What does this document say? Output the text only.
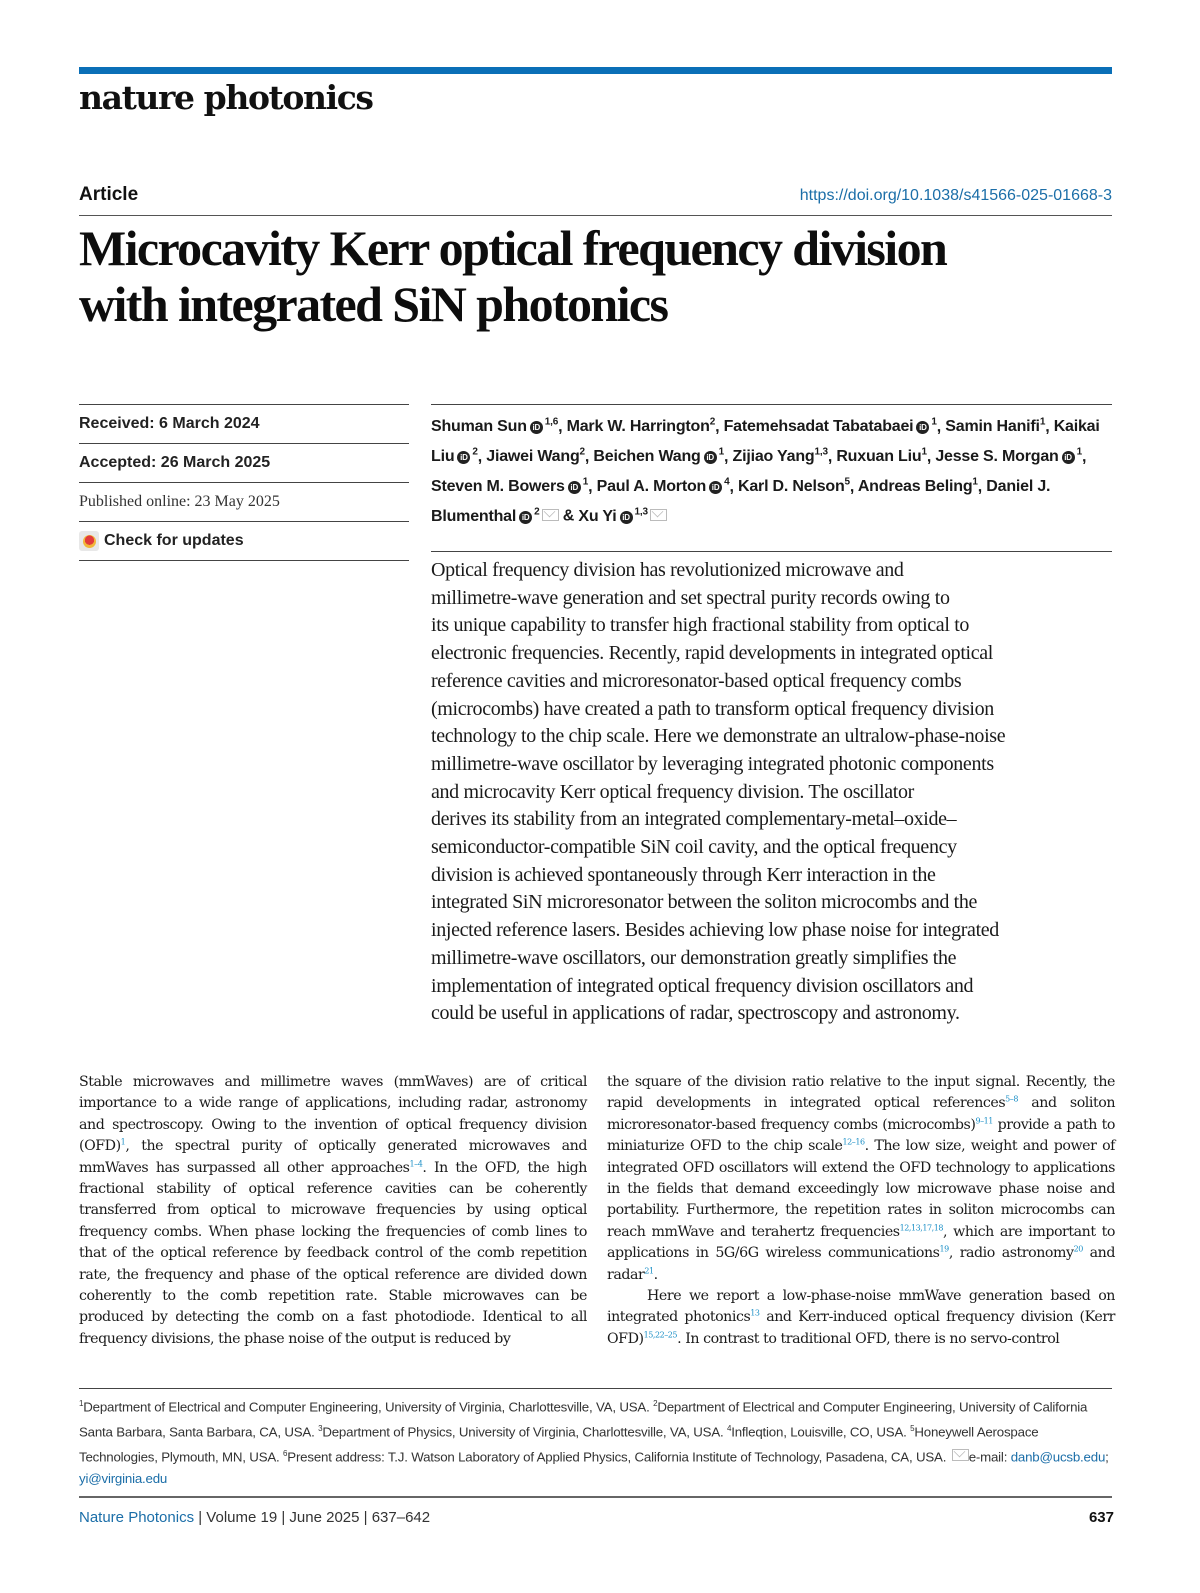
nature photonics
Article	https://doi.org/10.1038/s41566-025-01668-3
Microcavity Kerr optical frequency division
with integrated SiN photonics
Received: 6 March 2024
Accepted: 26 March 2025
Published online: 23 May 2025
Check for updates
Shuman Sun iD $^{1,6}$, Mark W. Harrington$^2$, Fatemehsadat Tabatabaei iD $^1$, Samin Hanifi$^1$, Kaikai Liu iD $^2$, Jiawei Wang$^2$, Beichen Wang iD $^1$, Zijiao Yang$^{1,3}$, Ruxuan Liu$^1$, Jesse S. Morgan iD $^1$, Steven M. Bowers iD $^1$, Paul A. Morton iD $^4$, Karl D. Nelson$^5$, Andreas Beling$^1$, Daniel J. Blumenthal iD $^2$ & Xu Yi iD $^{1,3}$
Optical frequency division has revolutionized microwave and
millimetre-wave generation and set spectral purity records owing to
its unique capability to transfer high fractional stability from optical to
electronic frequencies. Recently, rapid developments in integrated optical
reference cavities and microresonator-based optical frequency combs
(microcombs) have created a path to transform optical frequency division
technology to the chip scale. Here we demonstrate an ultralow-phase-noise
millimetre-wave oscillator by leveraging integrated photonic components
and microcavity Kerr optical frequency division. The oscillator
derives its stability from an integrated complementary-metal–oxide–
semiconductor-compatible SiN coil cavity, and the optical frequency
division is achieved spontaneously through Kerr interaction in the
integrated SiN microresonator between the soliton microcombs and the
injected reference lasers. Besides achieving low phase noise for integrated
millimetre-wave oscillators, our demonstration greatly simplifies the
implementation of integrated optical frequency division oscillators and
could be useful in applications of radar, spectroscopy and astronomy.

Stable microwaves and millimetre waves (mmWaves) are of critical importance to a wide range of applications, including radar, astronomy and spectroscopy. Owing to the invention of optical frequency division (OFD)$^1$, the spectral purity of optically generated microwaves and mmWaves has surpassed all other approaches$^{1-4}$. In the OFD, the high fractional stability of optical reference cavities can be coherently transferred from optical to microwave frequencies by using optical frequency combs. When phase locking the frequencies of comb lines to that of the optical reference by feedback control of the comb repetition rate, the frequency and phase of the optical reference are divided down coherently to the comb repetition rate. Stable microwaves can be produced by detecting the comb on a fast photodiode. Identical to all frequency divisions, the phase noise of the output is reduced by

the square of the division ratio relative to the input signal. Recently, the rapid developments in integrated optical references$^{5-8}$ and soliton microresonator-based frequency combs (microcombs)$^{9-11}$ provide a path to miniaturize OFD to the chip scale$^{12-16}$. The low size, weight and power of integrated OFD oscillators will extend the OFD technology to applications in the fields that demand exceedingly low microwave phase noise and portability. Furthermore, the repetition rates in soliton microcombs can reach mmWave and terahertz frequencies$^{12,13,17,18}$, which are important to applications in 5G/6G wireless communications$^{19}$, radio astronomy$^{20}$ and radar$^{21}$.

Here we report a low-phase-noise mmWave generation based on integrated photonics$^{13}$ and Kerr-induced optical frequency division (Kerr OFD)$^{15,22-25}$. In contrast to traditional OFD, there is no servo-control

$^1$Department of Electrical and Computer Engineering, University of Virginia, Charlottesville, VA, USA. $^2$Department of Electrical and Computer Engineering, University of California Santa Barbara, Santa Barbara, CA, USA. $^3$Department of Physics, University of Virginia, Charlottesville, VA, USA. $^4$Infleqtion, Louisville, CO, USA. $^5$Honeywell Aerospace Technologies, Plymouth, MN, USA. $^6$Present address: T.J. Watson Laboratory of Applied Physics, California Institute of Technology, Pasadena, CA, USA. e-mail: danb@ucsb.edu; yi@virginia.edu
Nature Photonics | Volume 19 | June 2025 | 637–642	637
